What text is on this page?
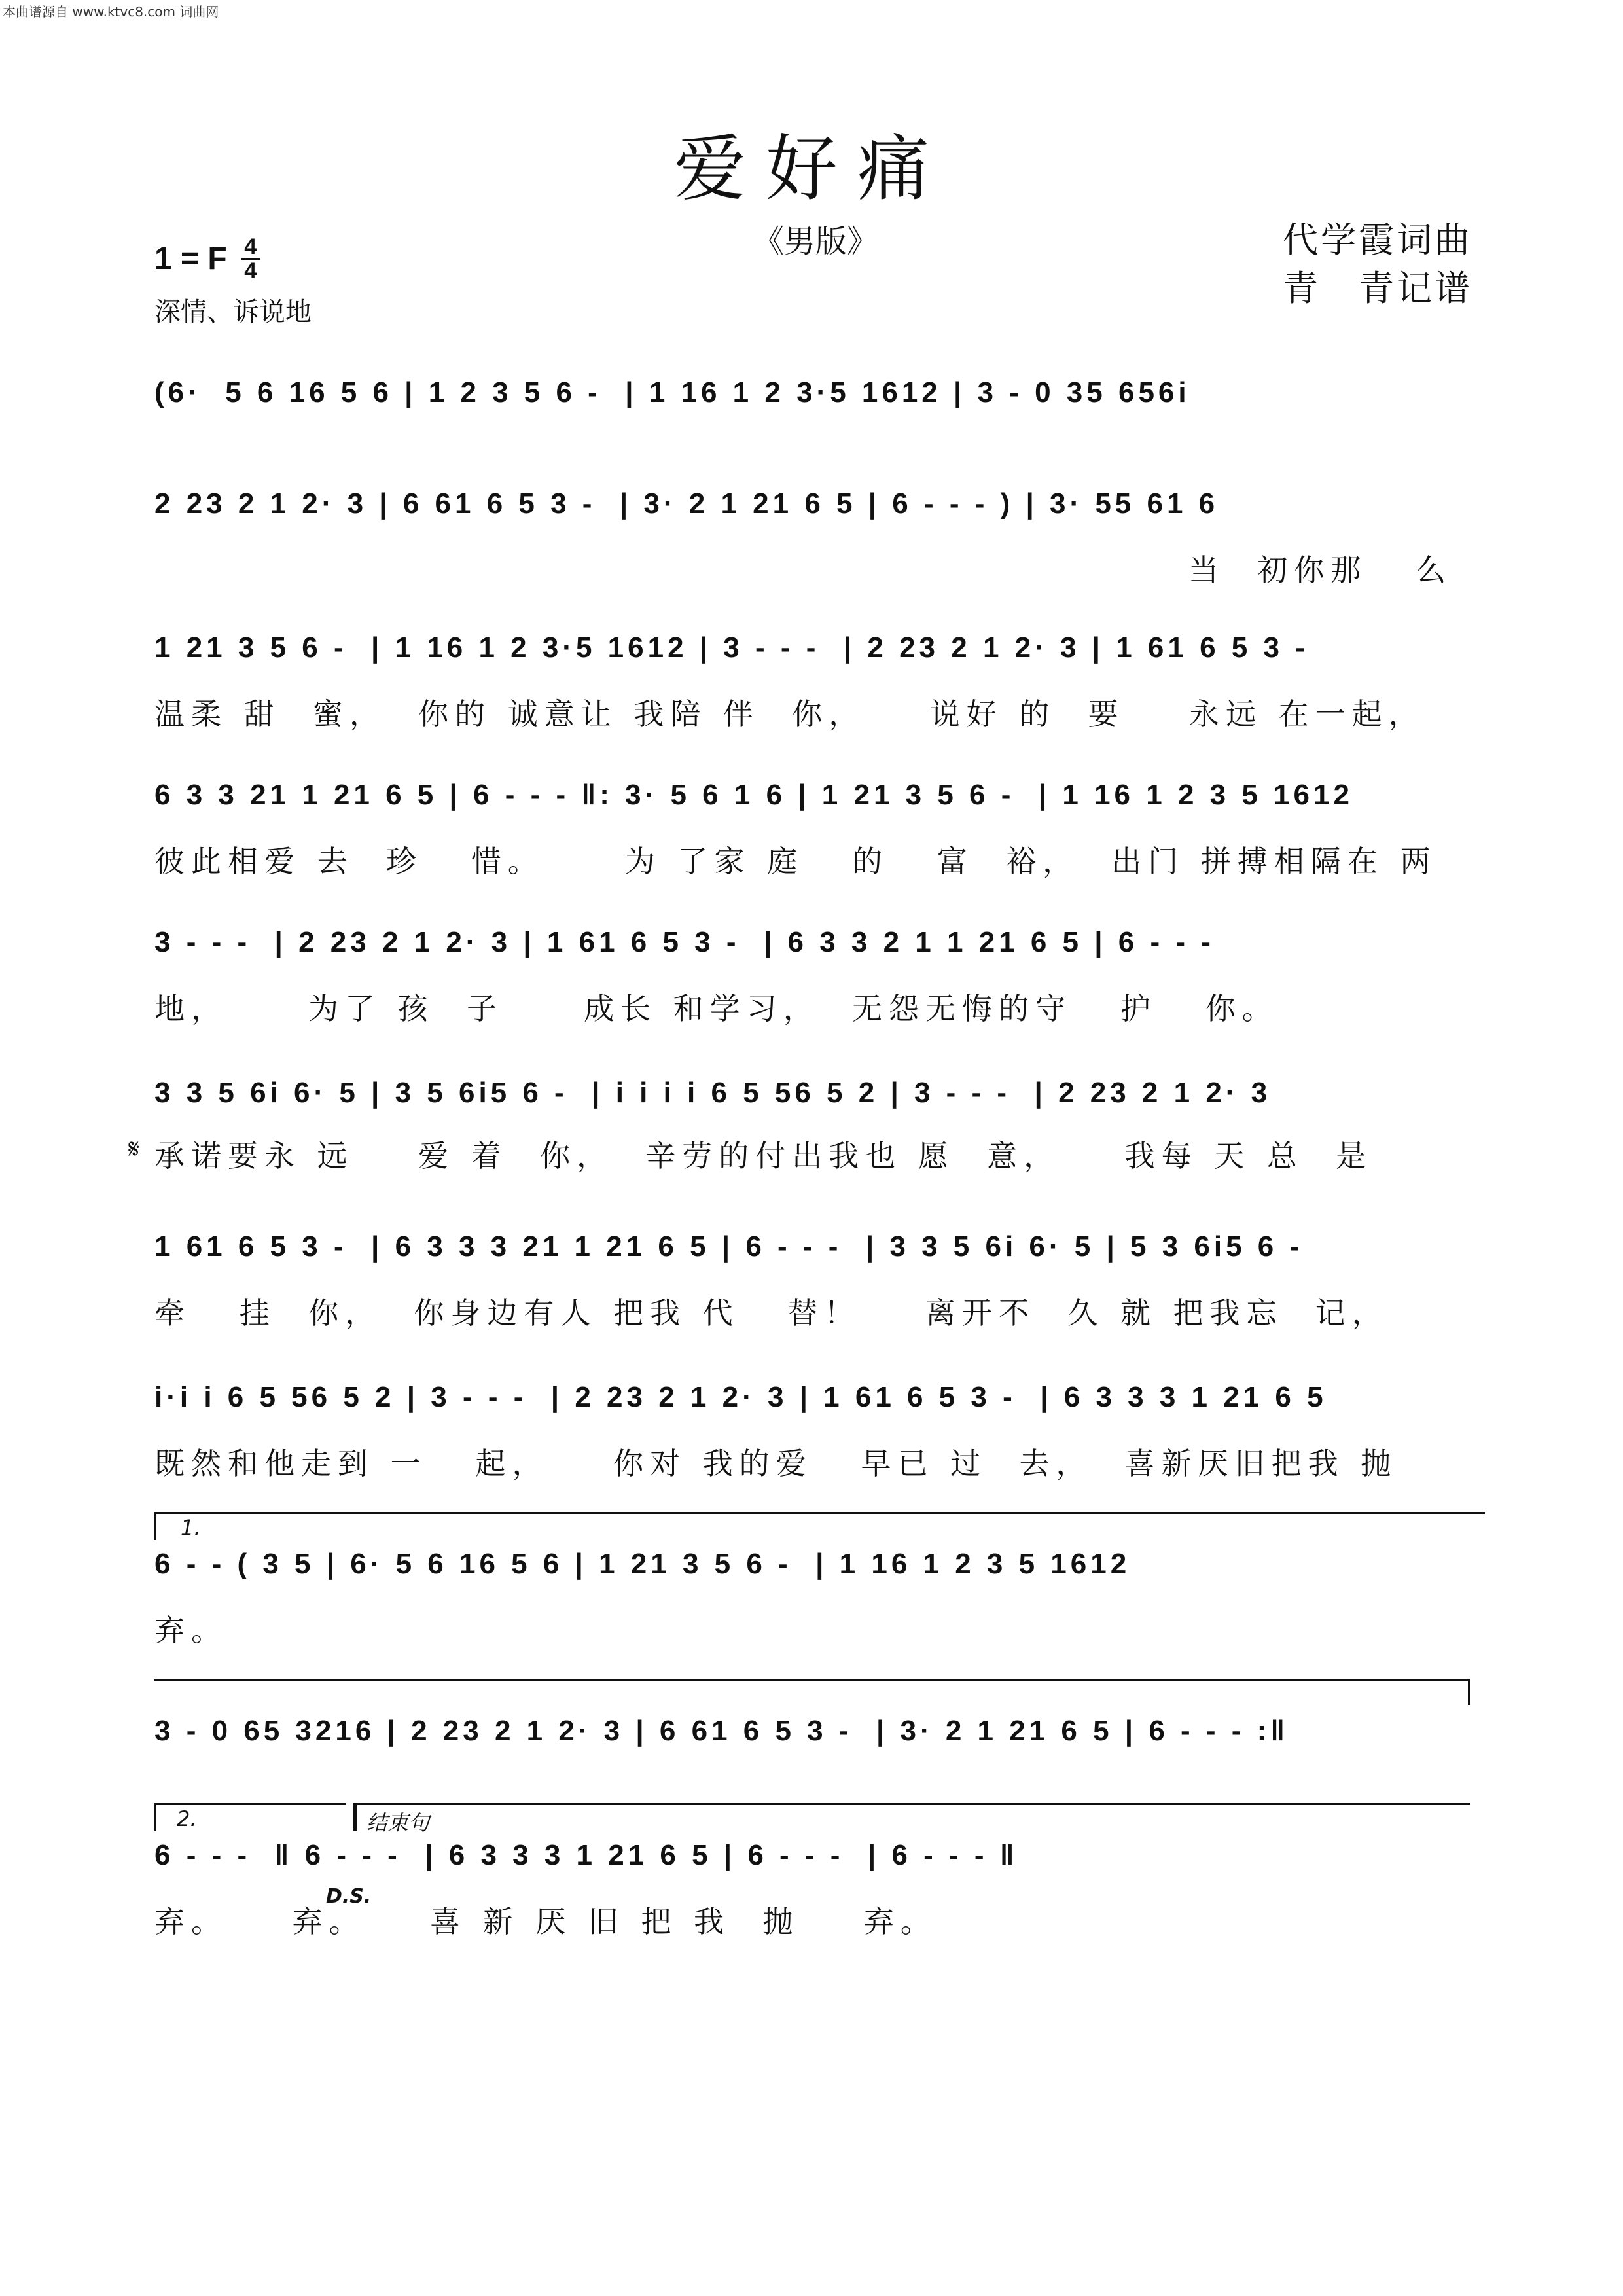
本曲谱源自 www.ktvc8.com 词曲网
爱好痛
《男版》
1 = F 4
4
深情、诉说地
代学霞词曲
青　青记谱
(6·  5 6 16 5 6 | 1 2 3 5 6 -  | 1 16 1 2 3·5 1612 | 3 - 0 35 656i
2 23 2 1 2· 3 | 6 61 6 5 3 -  | 3· 2 1 21 6 5 | 6 - - - ) | 3· 55 61 6
当  初你那   么
1 21 3 5 6 -  | 1 16 1 2 3·5 1612 | 3 - - -  | 2 23 2 1 2· 3 | 1 61 6 5 3 -
温柔 甜  蜜，  你的 诚意让 我陪 伴  你，    说好 的  要    永远 在一起，
6 3 3 21 1 21 6 5 | 6 - - - ‖: 3· 5 6 1 6 | 1 21 3 5 6 -  | 1 16 1 2 3 5 1612
彼此相爱 去  珍   惜。     为 了家 庭   的   富  裕，  出门 拼搏相隔在 两
3 - - -  | 2 23 2 1 2· 3 | 1 61 6 5 3 -  | 6 3 3 2 1 1 21 6 5 | 6 - - -
地，     为了 孩  子     成长 和学习，  无怨无悔的守   护   你。
3 3 5 6i 6· 5 | 3 5 6i5 6 -  | i i i i 6 5 56 5 2 | 3 - - -  | 2 23 2 1 2· 3
𝄋 承诺要永 远    爱 着  你，  辛劳的付出我也 愿  意，    我每 天 总  是
1 61 6 5 3 -  | 6 3 3 3 21 1 21 6 5 | 6 - - -  | 3 3 5 6i 6· 5 | 5 3 6i5 6 -
牵   挂  你，  你身边有人 把我 代   替！    离开不  久 就 把我忘  记，
i·i i 6 5 56 5 2 | 3 - - -  | 2 23 2 1 2· 3 | 1 61 6 5 3 -  | 6 3 3 3 1 21 6 5
既然和他走到 一   起，    你对 我的爱   早已 过  去，  喜新厌旧把我 抛
1.
6 - - ( 3 5 | 6· 5 6 16 5 6 | 1 21 3 5 6 -  | 1 16 1 2 3 5 1612
弃。
3 - 0 65 3216 | 2 23 2 1 2· 3 | 6 61 6 5 3 -  | 3· 2 1 21 6 5 | 6 - - - :‖
2.	结束句
6 - - -  ‖ 6 - - -  | 6 3 3 3 1 21 6 5 | 6 - - -  | 6 - - - ‖
D.S.
弃。    弃。    喜 新 厌 旧 把 我  抛    弃。
